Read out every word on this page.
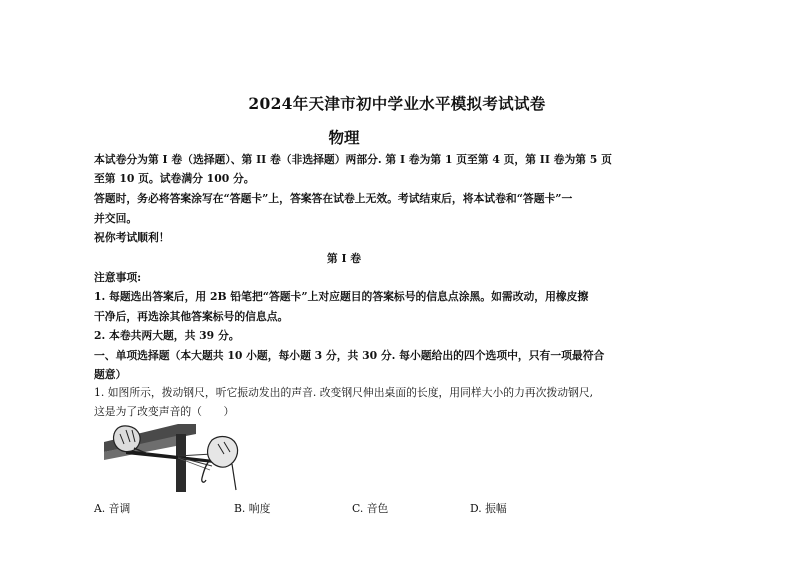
2024年天津市初中学业水平模拟考试试卷
物理
本试卷分为第 I 卷（选择题）、第 II 卷（非选择题）两部分. 第 I 卷为第 1 页至第 4 页，第 II 卷为第 5 页
至第 10 页。试卷满分 100 分。
答题时，务必将答案涂写在“答题卡”上，答案答在试卷上无效。考试结束后，将本试卷和“答题卡”一
并交回。
祝你考试顺利！
第 I 卷
注意事项:
1. 每题选出答案后，用 2B 铅笔把“答题卡”上对应题目的答案标号的信息点涂黑。如需改动，用橡皮擦
干净后，再选涂其他答案标号的信息点。
2. 本卷共两大题，共 39 分。
一、单项选择题（本大题共 10 小题，每小题 3 分，共 30 分. 每小题给出的四个选项中，只有一项最符合
题意）
1. 如图所示，拨动钢尺，听它振动发出的声音. 改变钢尺伸出桌面的长度，用同样大小的力再次拨动钢尺,
这是为了改变声音的（　　）
A. 音调	B. 响度	C. 音色	D. 振幅
